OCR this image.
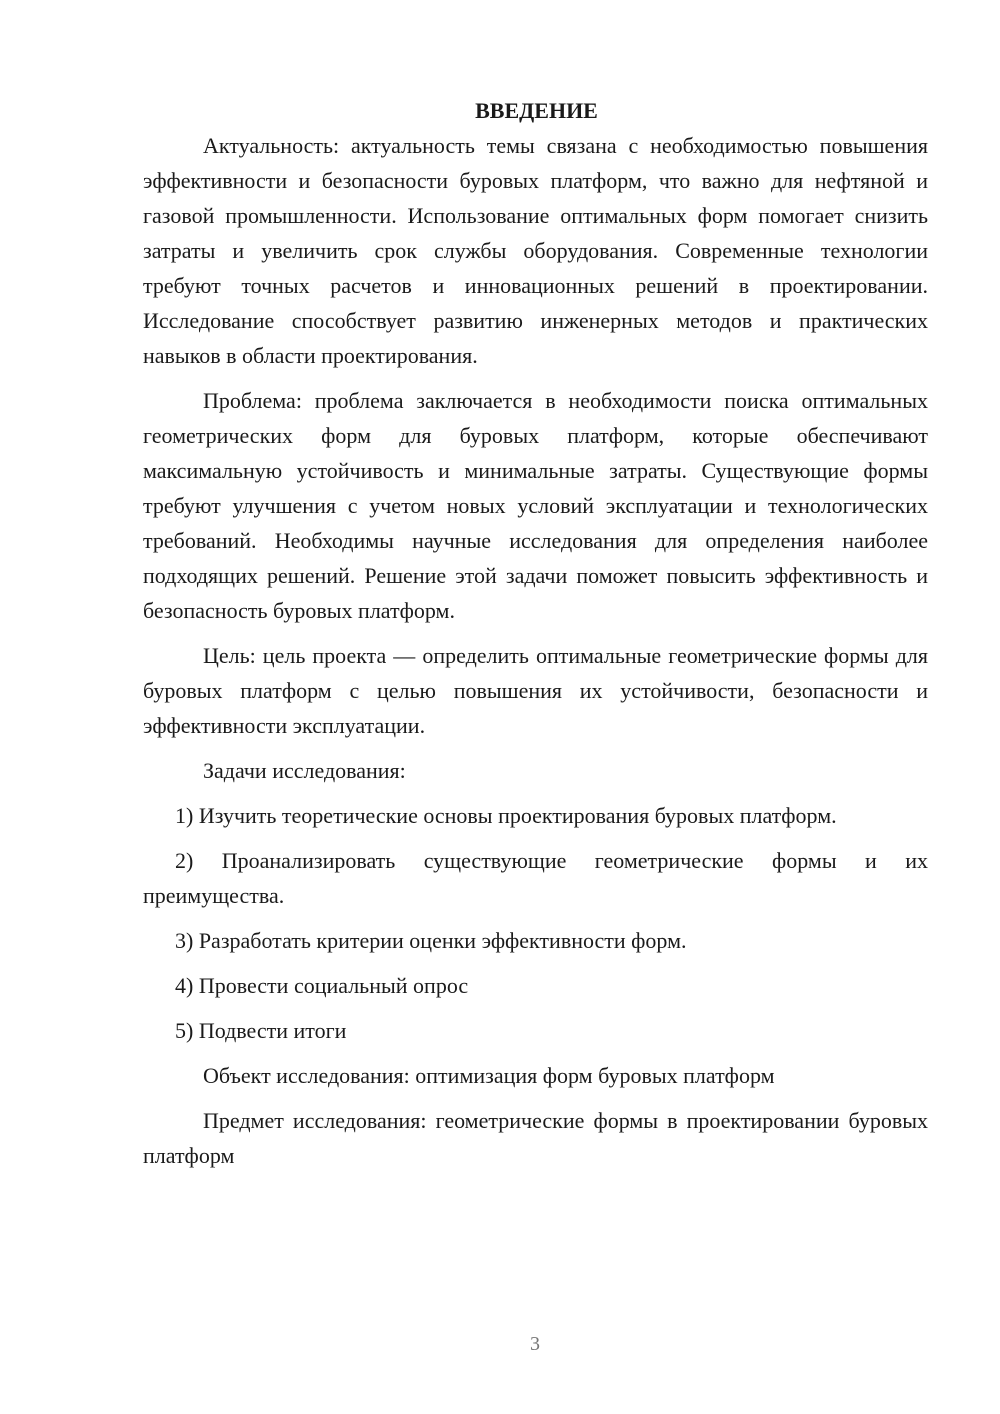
ВВЕДЕНИЕ

Актуальность: актуальность темы связана с необходимостью повышения эффективности и безопасности буровых платформ, что важно для нефтяной и газовой промышленности. Использование оптимальных форм помогает снизить затраты и увеличить срок службы оборудования. Современные технологии требуют точных расчетов и инновационных решений в проектировании. Исследование способствует развитию инженерных методов и практических навыков в области проектирования.

Проблема: проблема заключается в необходимости поиска оптимальных геометрических форм для буровых платформ, которые обеспечивают максимальную устойчивость и минимальные затраты. Существующие формы требуют улучшения с учетом новых условий эксплуатации и технологических требований. Необходимы научные исследования для определения наиболее подходящих решений. Решение этой задачи поможет повысить эффективность и безопасность буровых платформ.

Цель: цель проекта — определить оптимальные геометрические формы для буровых платформ с целью повышения их устойчивости, безопасности и эффективности эксплуатации.

Задачи исследования:

1) Изучить теоретические основы проектирования буровых платформ.

2) Проанализировать существующие геометрические формы и их преимущества.

3) Разработать критерии оценки эффективности форм.

4) Провести социальный опрос

5) Подвести итоги

Объект исследования: оптимизация форм буровых платформ

Предмет исследования: геометрические формы в проектировании буровых платформ

3
